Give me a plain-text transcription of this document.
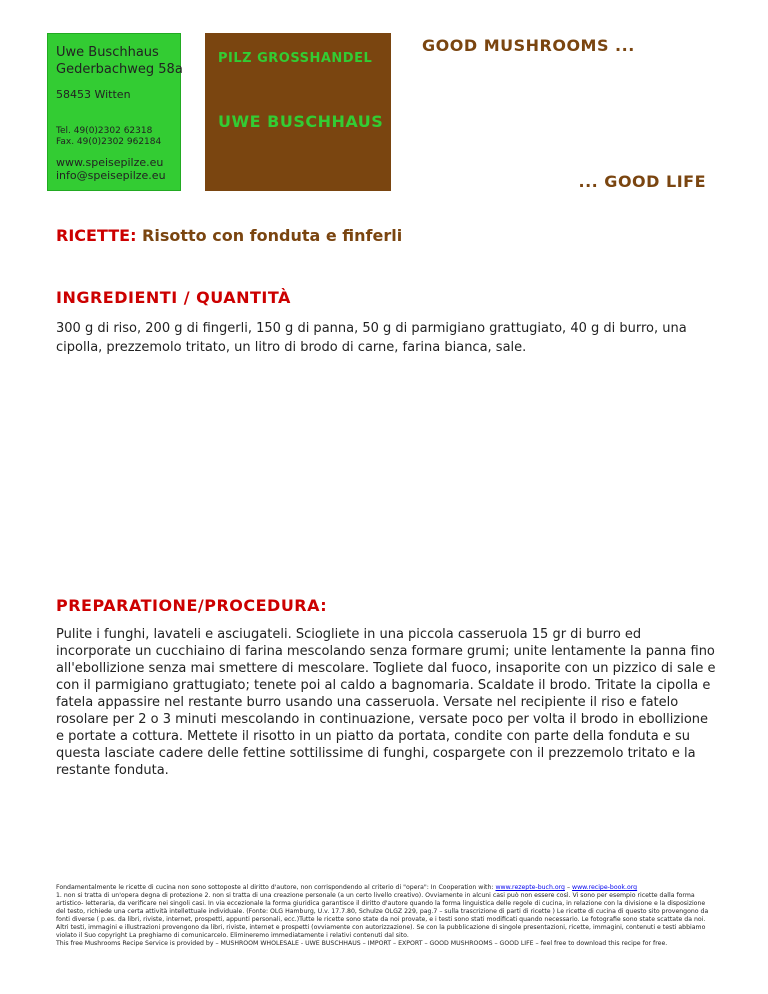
Uwe Buschhaus
Gederbachweg 58a
58453 Witten
Tel. 49(0)2302 62318
Fax. 49(0)2302 962184
www.speisepilze.eu
info@speisepilze.eu
PILZ GROSSHANDEL
UWE BUSCHHAUS
GOOD MUSHROOMS ...
... GOOD LIFE
RICETTE: Risotto con fonduta e finferli
INGREDIENTI / QUANTITÀ
300 g di riso, 200 g di fingerli, 150 g di panna, 50 g di parmigiano grattugiato, 40 g di burro, una cipolla, prezzemolo tritato, un litro di brodo di carne, farina bianca, sale.
PREPARATIONE/PROCEDURA:
Pulite i funghi, lavateli e asciugateli. Sciogliete in una piccola casseruola 15 gr di burro ed incorporate un cucchiaino di farina mescolando senza formare grumi; unite lentamente la panna fino all'ebollizione senza mai smettere di mescolare. Togliete dal fuoco, insaporite con un pizzico di sale e con il parmigiano grattugiato; tenete poi al caldo a bagnomaria. Scaldate il brodo. Tritate la cipolla e fatela appassire nel restante burro usando una casseruola. Versate nel recipiente il riso e fatelo rosolare per 2 o 3 minuti mescolando in continuazione, versate poco per volta il brodo in ebollizione e portate a cottura. Mettete il risotto in un piatto da portata, condite con parte della fonduta e su questa lasciate cadere delle fettine sottilissime di funghi, cospargete con il prezzemolo tritato e la restante fonduta.
Fondamentalmente le ricette di cucina non sono sottoposte al diritto d'autore, non corrispondendo al criterio di "opera": In Cooperation with: www.rezepte-buch.org – www.recipe-book.org
1. non si tratta di un'opera degna di protezione 2. non si tratta di una creazione personale (a un certo livello creativo). Ovviamente in alcuni casi può non essere così. Vi sono per esempio ricette dalla forma artistico- letteraria, da verificare nei singoli casi. In via eccezionale la forma giuridica garantisce il diritto d'autore quando la forma linguistica delle regole di cucina, in relazione con la divisione e la disposizione del testo, richiede una certa attività intellettuale individuale. (Fonte: OLG Hamburg, U.v. 17.7.80, Schulze OLGZ 229, pag.7 – sulla trascrizione di parti di ricette ) Le ricette di cucina di questo sito provengono da fonti diverse ( p.es. da libri, riviste, internet, prospetti, appunti personali, ecc.)Tutte le ricette sono state da noi provate, e i testi sono stati modificati quando necessario. Le fotografie sono state scattate da noi. Altri testi, immagini e illustrazioni provengono da libri, riviste, internet e prospetti (ovviamente con autorizzazione). Se con la pubblicazione di singole presentazioni, ricette, immagini, contenuti e testi abbiamo violato il Suo copyright La preghiamo di comunicarcelo. Elimineremo immediatamente i relativi contenuti dal sito.
This free Mushrooms Recipe Service is provided by – MUSHROOM WHOLESALE - UWE BUSCHHAUS – IMPORT – EXPORT – GOOD MUSHROOMS – GOOD LIFE – feel free to download this recipe for free.
